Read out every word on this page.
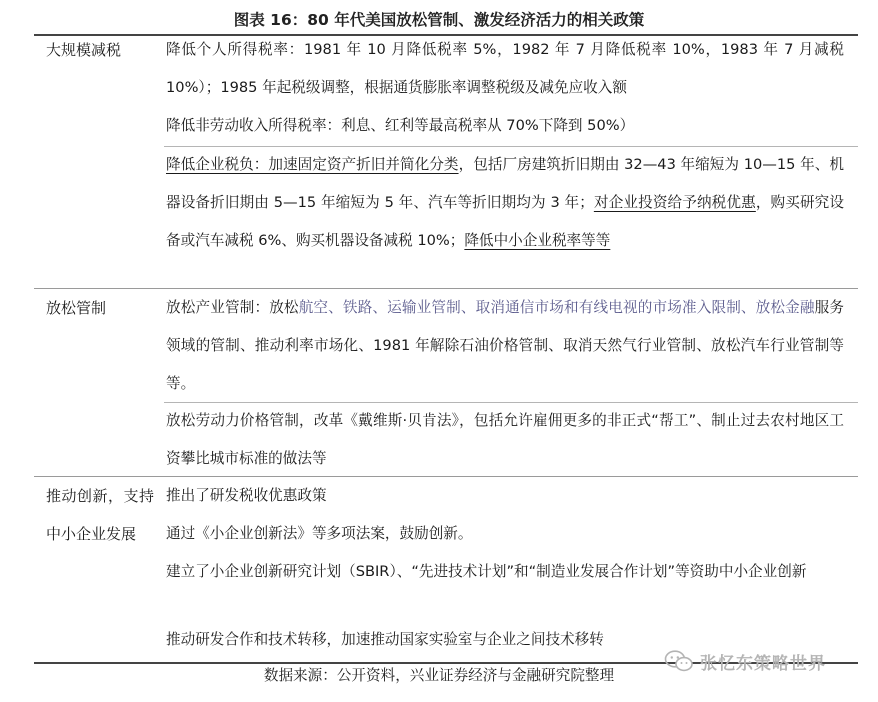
图表 16：80 年代美国放松管制、激发经济活力的相关政策
大规模减税	降低个人所得税率：1981 年 10 月降低税率 5%，1982 年 7 月降低税率 10%，1983 年 7 月减税 10%）；1985 年起税级调整，根据通货膨胀率调整税级及减免应收入额
降低非劳动收入所得税率：利息、红利等最高税率从 70%下降到 50%）
降低企业税负：加速固定资产折旧并简化分类，包括厂房建筑折旧期由 32—43 年缩短为 10—15 年、机器设备折旧期由 5—15 年缩短为 5 年、汽车等折旧期均为 3 年；对企业投资给予纳税优惠，购买研究设备或汽车减税 6%、购买机器设备减税 10%；降低中小企业税率等等
放松管制	放松产业管制：放松航空、铁路、运输业管制、取消通信市场和有线电视的市场准入限制、放松金融服务领域的管制、推动利率市场化、1981 年解除石油价格管制、取消天然气行业管制、放松汽车行业管制等等。
放松劳动力价格管制，改革《戴维斯·贝肯法》，包括允许雇佣更多的非正式“帮工”、制止过去农村地区工资攀比城市标准的做法等
推动创新，支持中小企业发展
推出了研发税收优惠政策
通过《小企业创新法》等多项法案，鼓励创新。
建立了小企业创新研究计划（SBIR）、“先进技术计划”和“制造业发展合作计划”等资助中小企业创新
推动研发合作和技术转移，加速推动国家实验室与企业之间技术移转
数据来源：公开资料，兴业证券经济与金融研究院整理
张忆东策略世界
